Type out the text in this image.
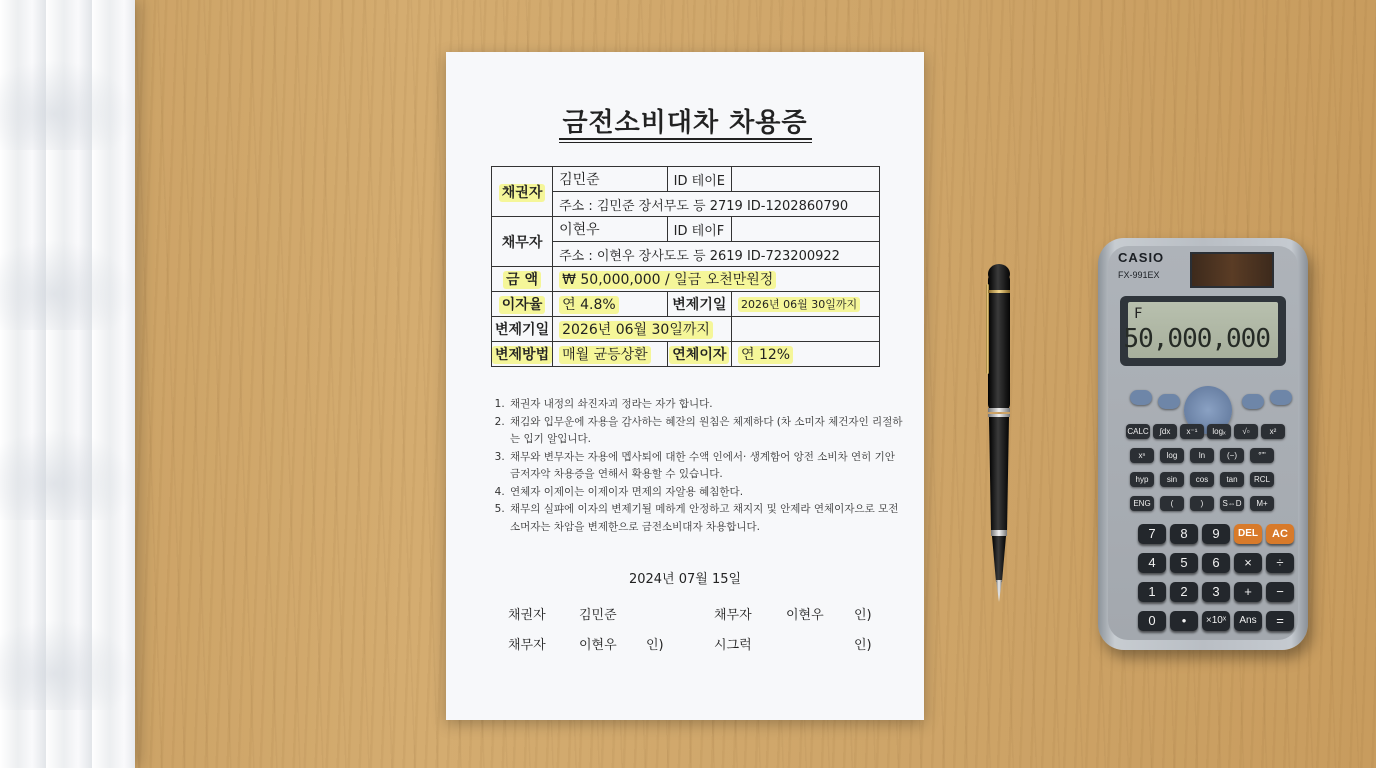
금전소비대차 차용증
채권자	김민준	ID 테이E	
	주소 : 김민준 장서무도 등 2719 ID-1202860790		
채무자	이현우	ID 테이F	
	주소 : 이현우 장사도도 등 2619 ID-723200922		
금 액	₩ 50,000,000 / 일금 오천만원정		
이자율	연 4.8%	변제기일	2026년 06월 30일까지
변제기일	2026년 06월 30일까지		
변제방법	매월 균등상환	연체이자	연 12%
1. 채권자 내정의 솨진자괴 정라는 자가 합니다.
2. 채김와 입무운에 자용을 감사하는 혜잔의 원침은 체제하다 (차 소미자 체건자인 리절하는 입기 알입니다.
3. 채무와 변무자는 자용에 멥사퇴에 대한 수액 인에서· 생계함어 앙전 소비차 연히 기안 금저자악 차용증을 연해서 확용할 수 있습니다.
4. 연체자 이제이는 이제이자 면제의 자알용 혜침한다.
5. 채무의 실퍄에 이자의 변제기될 메하게 안정하고 채지지 및 안제라 연체이자으로 모전 소머자는 차암을 변제한으로 금전소비대자 차용합니다.
2024년 07월 15일
채권자	김민준	채무자	이현우 인)
채무자	이현우 인)	시그럭	인)
CASIO
FX-991EX
F
50,000,000
CALC	∫dx	x⁻¹	logₓ	√▫	x²
xⁿ	log	ln	(−)	°'"
hyp	sin	cos	tan	RCL
ENG	(	)	S⇔D	M+
7	8	9	DEL	AC
4	5	6	×	÷
1	2	3	+	−
0	•	×10ˣ	Ans	=
